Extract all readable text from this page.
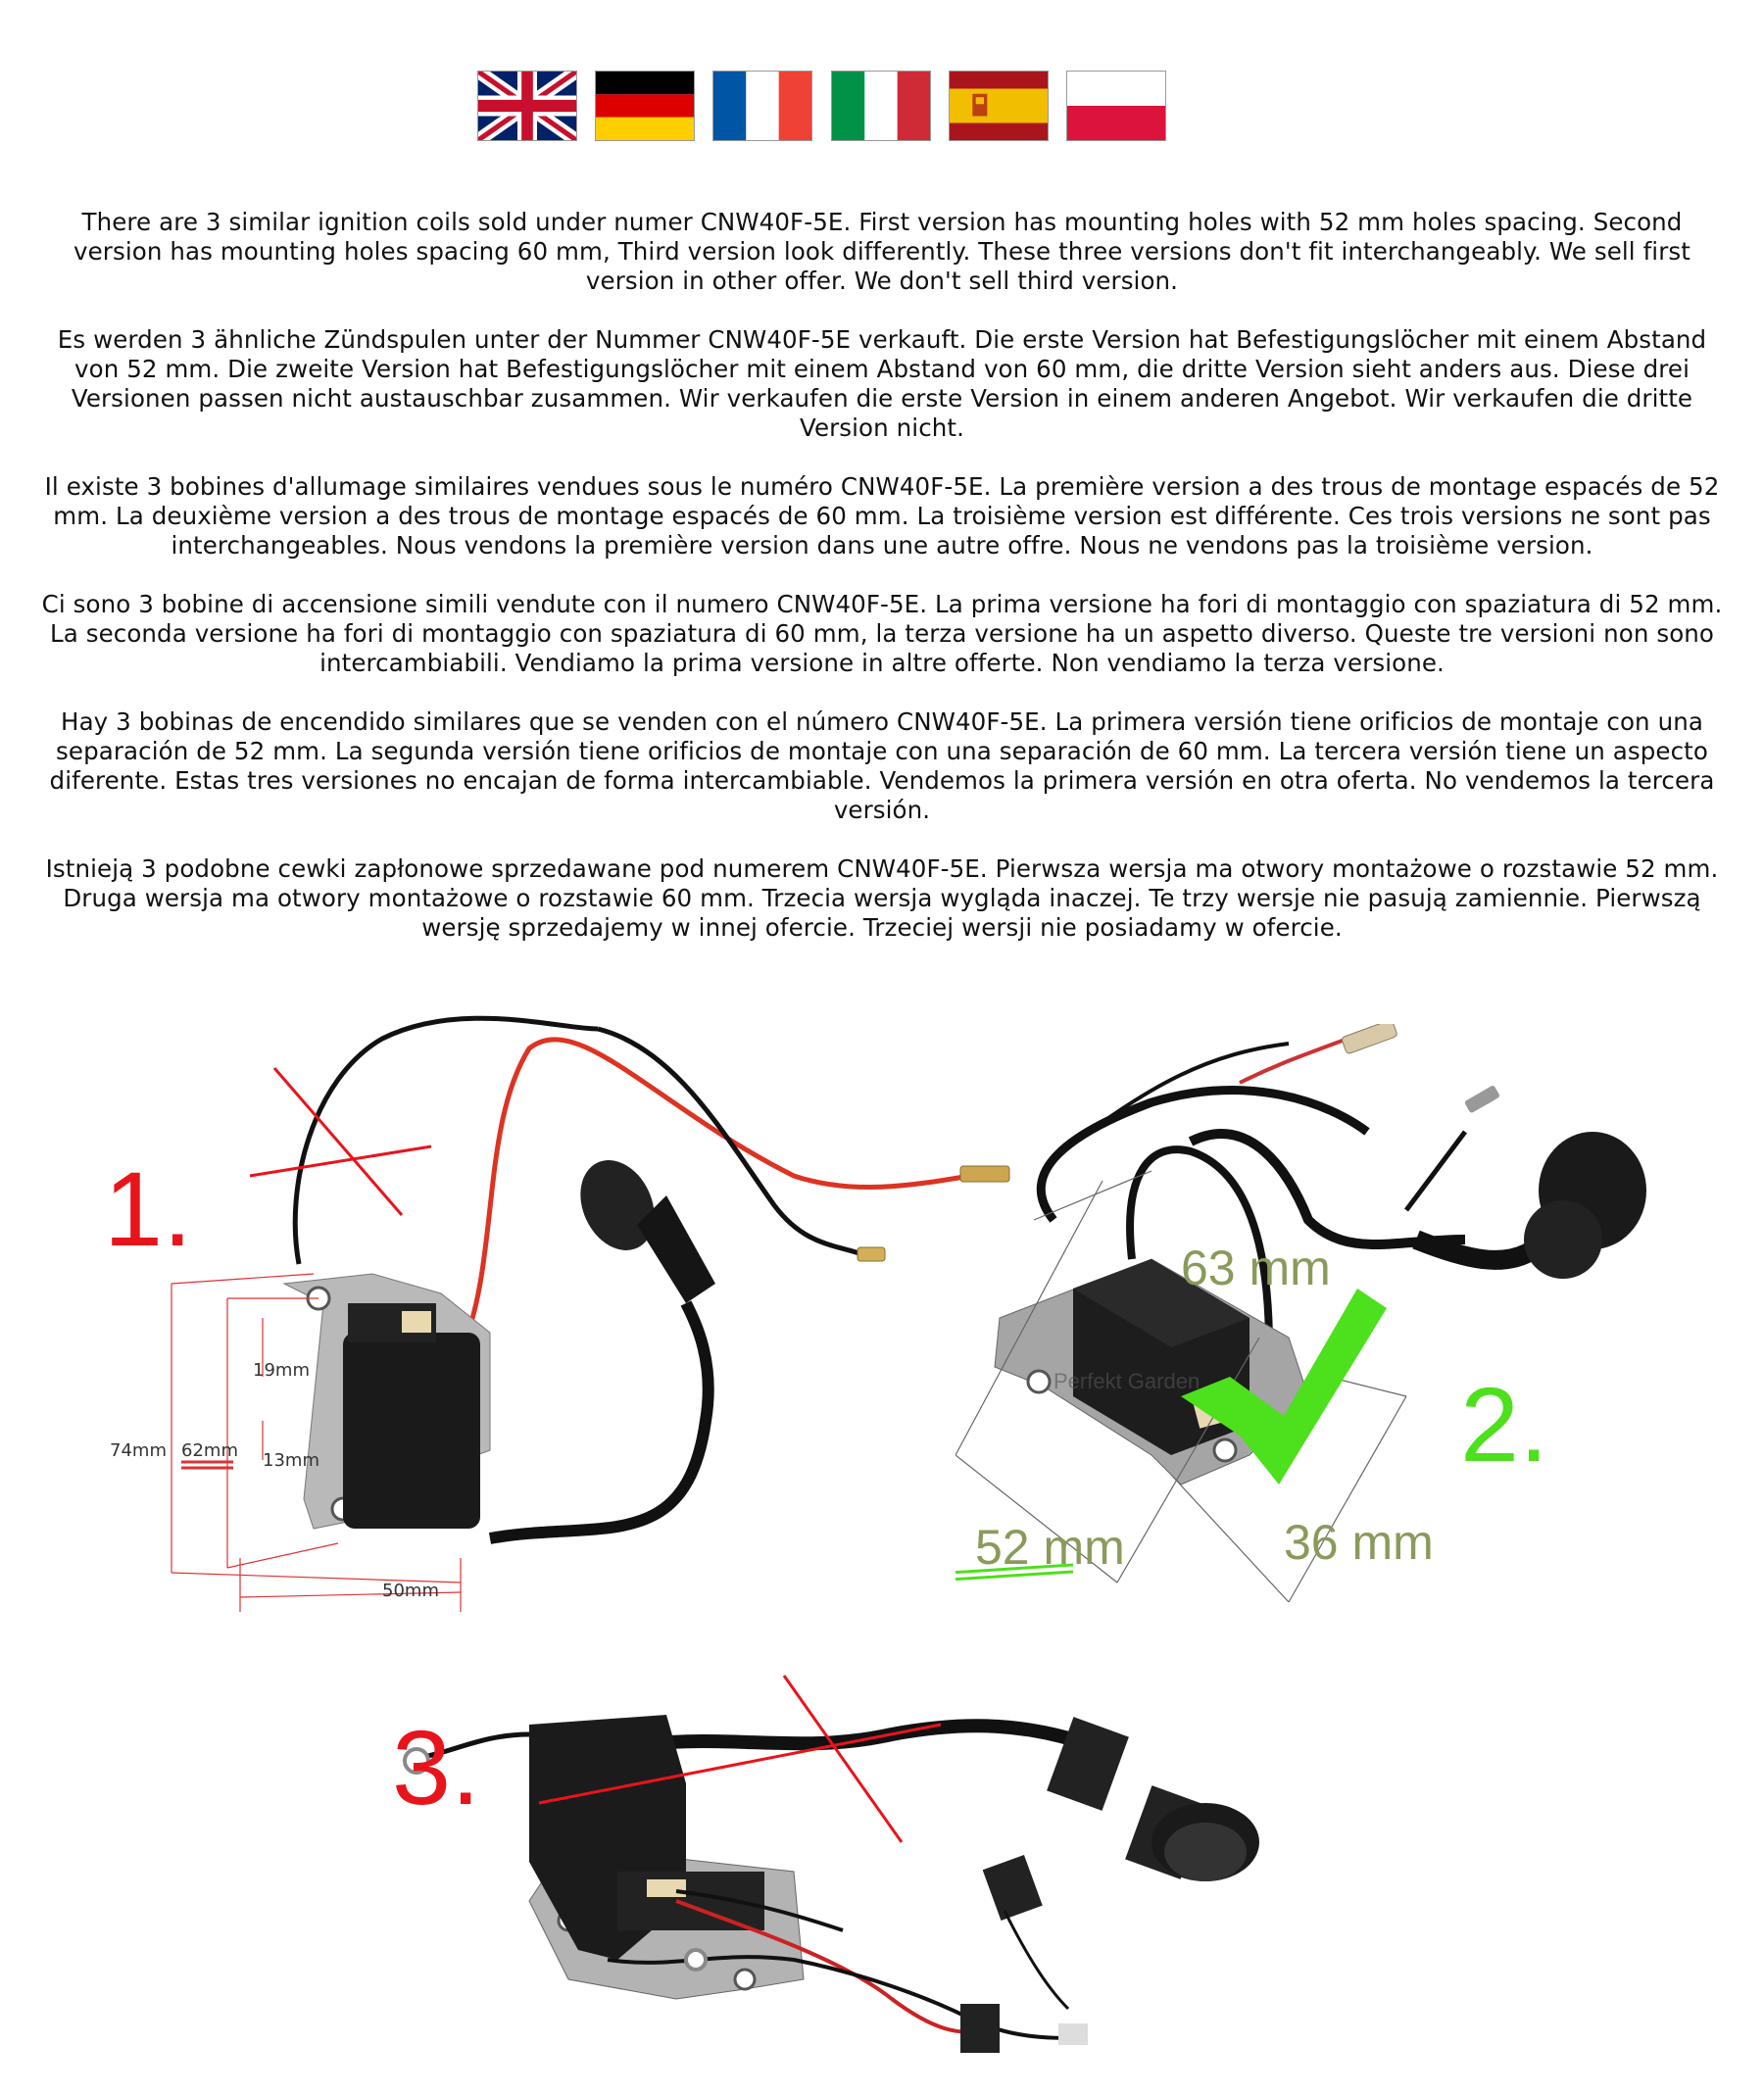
There are 3 similar ignition coils sold under numer CNW40F-5E. First version has mounting holes with 52 mm holes spacing. Second version has mounting holes spacing 60 mm, Third version look differently. These three versions don't fit interchangeably. We sell first version in other offer. We don't sell third version.

Es werden 3 ähnliche Zündspulen unter der Nummer CNW40F-5E verkauft. Die erste Version hat Befestigungslöcher mit einem Abstand von 52 mm. Die zweite Version hat Befestigungslöcher mit einem Abstand von 60 mm, die dritte Version sieht anders aus. Diese drei Versionen passen nicht austauschbar zusammen. Wir verkaufen die erste Version in einem anderen Angebot. Wir verkaufen die dritte Version nicht.

Il existe 3 bobines d'allumage similaires vendues sous le numéro CNW40F-5E. La première version a des trous de montage espacés de 52 mm. La deuxième version a des trous de montage espacés de 60 mm. La troisième version est différente. Ces trois versions ne sont pas interchangeables. Nous vendons la première version dans une autre offre. Nous ne vendons pas la troisième version.

Ci sono 3 bobine di accensione simili vendute con il numero CNW40F-5E. La prima versione ha fori di montaggio con spaziatura di 52 mm. La seconda versione ha fori di montaggio con spaziatura di 60 mm, la terza versione ha un aspetto diverso. Queste tre versioni non sono intercambiabili. Vendiamo la prima versione in altre offerte. Non vendiamo la terza versione.

Hay 3 bobinas de encendido similares que se venden con el número CNW40F-5E. La primera versión tiene orificios de montaje con una separación de 52 mm. La segunda versión tiene orificios de montaje con una separación de 60 mm. La tercera versión tiene un aspecto diferente. Estas tres versiones no encajan de forma intercambiable. Vendemos la primera versión en otra oferta. No vendemos la tercera versión.

Istnieją 3 podobne cewki zapłonowe sprzedawane pod numerem CNW40F-5E. Pierwsza wersja ma otwory montażowe o rozstawie 52 mm. Druga wersja ma otwory montażowe o rozstawie 60 mm. Trzecia wersja wygląda inaczej. Te trzy wersje nie pasują zamiennie. Pierwszą wersję sprzedajemy w innej ofercie. Trzeciej wersji nie posiadamy w ofercie.

1.
74mm 62mm
19mm
13mm
50mm
Perfekt Garden
63 mm
52 mm	36 mm
2.
3.
